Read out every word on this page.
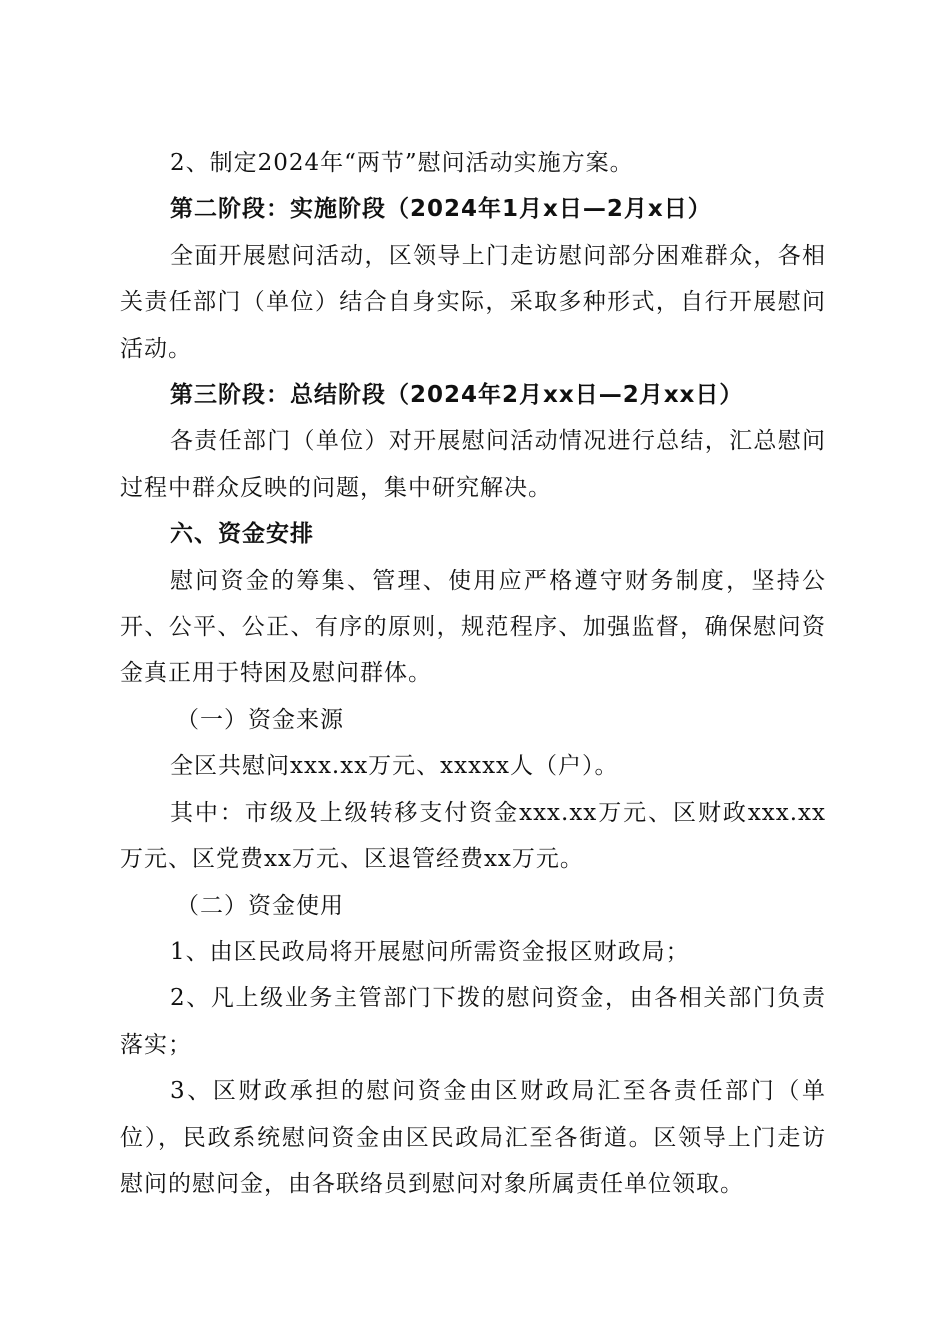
2、制定2024年“两节”慰问活动实施方案。

第二阶段：实施阶段（2024年1月x日—2月x日）

全面开展慰问活动，区领导上门走访慰问部分困难群众，各相关责任部门（单位）结合自身实际，采取多种形式，自行开展慰问活动。

第三阶段：总结阶段（2024年2月xx日—2月xx日）

各责任部门（单位）对开展慰问活动情况进行总结，汇总慰问过程中群众反映的问题，集中研究解决。

六、资金安排

慰问资金的筹集、管理、使用应严格遵守财务制度，坚持公开、公平、公正、有序的原则，规范程序、加强监督，确保慰问资金真正用于特困及慰问群体。

（一）资金来源

全区共慰问xxx.xx万元、xxxxx人（户）。

其中：市级及上级转移支付资金xxx.xx万元、区财政xxx.xx万元、区党费xx万元、区退管经费xx万元。

（二）资金使用

1、由区民政局将开展慰问所需资金报区财政局；

2、凡上级业务主管部门下拨的慰问资金，由各相关部门负责落实；

3、区财政承担的慰问资金由区财政局汇至各责任部门（单位），民政系统慰问资金由区民政局汇至各街道。区领导上门走访慰问的慰问金，由各联络员到慰问对象所属责任单位领取。
